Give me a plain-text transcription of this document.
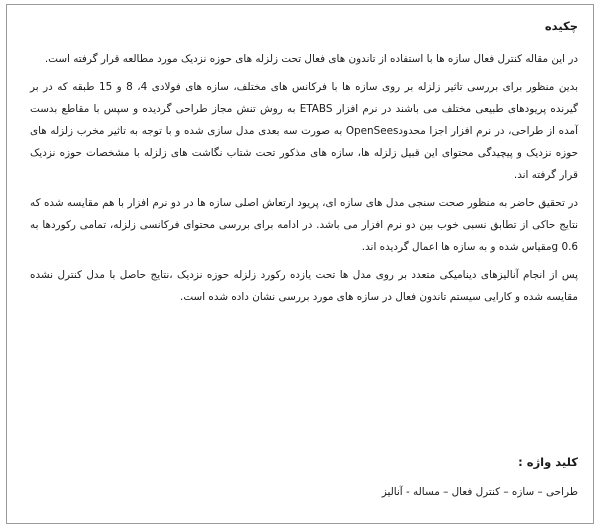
چکیده

در این مقاله کنترل فعال سازه ها با استفاده از تاندون های فعال تحت زلزله های حوزه نزدیک مورد مطالعه قرار گرفته است.

بدین منظور برای بررسی تاثیر زلزله بر روی سازه ها با فرکانس های مختلف، سازه های فولادی 4، 8 و 15 طبقه که در بر گیرنده پریودهای طبیعی مختلف می باشند در نرم افزار ETABS به روش تنش مجاز طراحی گردیده و سپس با مقاطع بدست آمده از طراحی، در نرم افزار اجزا محدودOpenSees به صورت سه بعدی مدل سازی شده و با توجه به تاثیر مخرب زلزله های حوزه نزدیک و پیچیدگی محتوای این قبیل زلزله ها، سازه های مذکور تحت شتاب نگاشت های زلزله با مشخصات حوزه نزدیک قرار گرفته اند.

در تحقیق حاضر به منظور صحت سنجی مدل های سازه ای، پریود ارتعاش اصلی سازه ها در دو نرم افزار با هم مقایسه شده که نتایج حاکی از تطابق نسبی خوب بین دو نرم افزار می باشد. در ادامه برای بررسی محتوای فرکانسی زلزله، تمامی رکوردها به 0.6 gمقیاس شده و به سازه ها اعمال گردیده اند.

پس از انجام آنالیزهای دینامیکی متعدد بر روی مدل ها تحت یازده رکورد زلزله حوزه نزدیک ،نتایج حاصل با مدل کنترل نشده مقایسه شده و کارایی سیستم تاندون فعال در سازه های مورد بررسی نشان داده شده است.

کلید واژه :
طراحی – سازه – کنترل فعال – مساله - آنالیز
